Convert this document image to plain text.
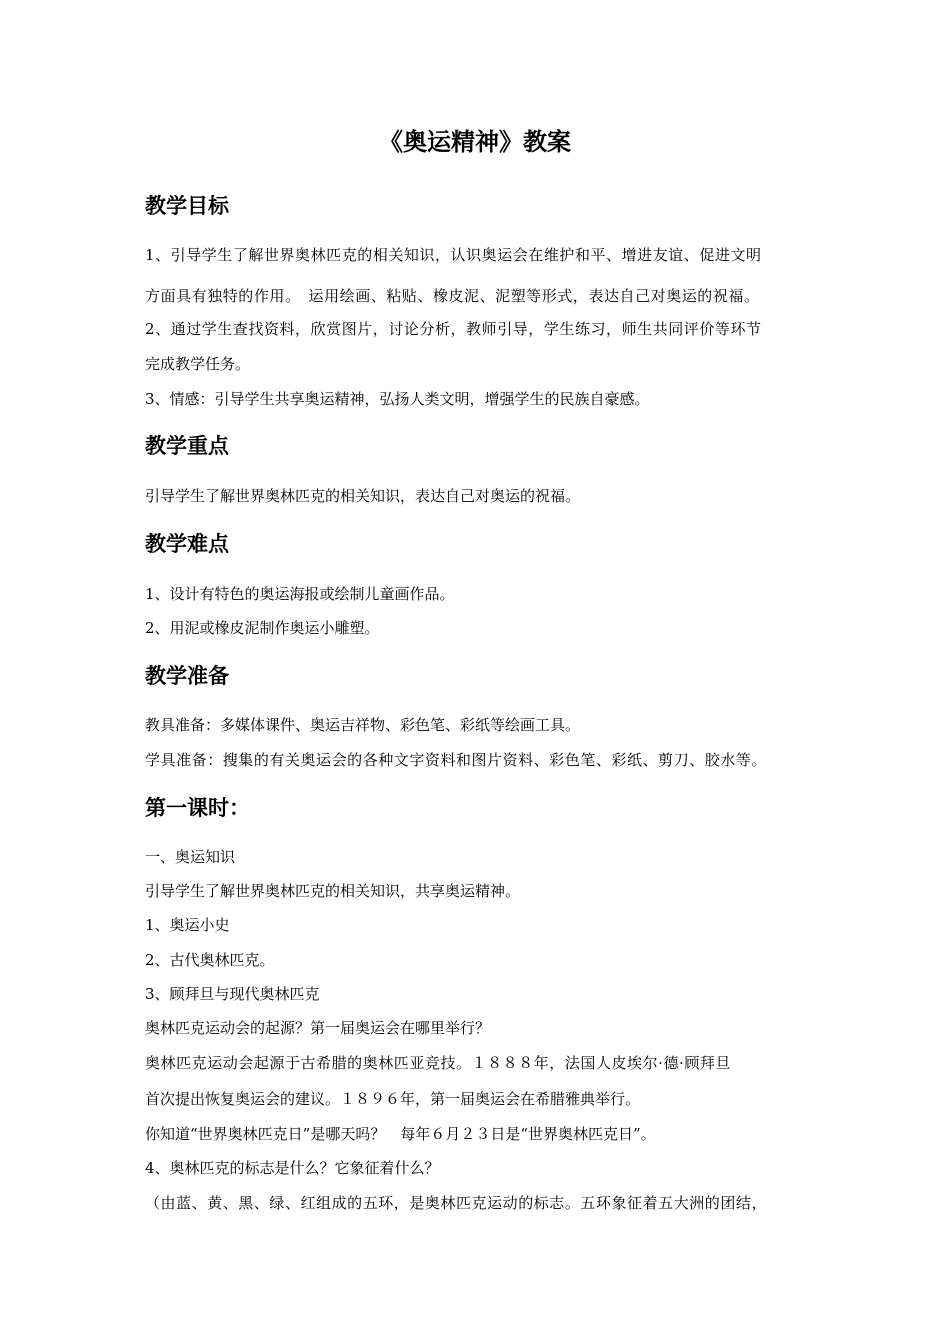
《奥运精神》教案
教学目标
1、引导学生了解世界奥林匹克的相关知识，认识奥运会在维护和平、增进友谊、促进文明
方面具有独特的作用。　运用绘画、粘贴、橡皮泥、泥塑等形式，表达自己对奥运的祝福。
2、通过学生查找资料，欣赏图片，讨论分析，教师引导，学生练习，师生共同评价等环节
完成教学任务。
3、情感：引导学生共享奥运精神，弘扬人类文明，增强学生的民族自豪感。
教学重点
引导学生了解世界奥林匹克的相关知识，表达自己对奥运的祝福。
教学难点
1、设计有特色的奥运海报或绘制儿童画作品。
2、用泥或橡皮泥制作奥运小雕塑。
教学准备
教具准备：多媒体课件、奥运吉祥物、彩色笔、彩纸等绘画工具。
学具准备：搜集的有关奥运会的各种文字资料和图片资料、彩色笔、彩纸、剪刀、胶水等。
第一课时：
一、奥运知识
引导学生了解世界奥林匹克的相关知识，共享奥运精神。
1、奥运小史
2、古代奥林匹克。
3、顾拜旦与现代奥林匹克
奥林匹克运动会的起源？第一届奥运会在哪里举行？
奥林匹克运动会起源于古希腊的奥林匹亚竞技。１８８８年，法国人皮埃尔·德·顾拜旦
首次提出恢复奥运会的建议。１８９６年，第一届奥运会在希腊雅典举行。
你知道“世界奥林匹克日”是哪天吗？　每年６月２３日是“世界奥林匹克日”。
4、奥林匹克的标志是什么？它象征着什么？
（由蓝、黄、黑、绿、红组成的五环，是奥林匹克运动的标志。五环象征着五大洲的团结，
